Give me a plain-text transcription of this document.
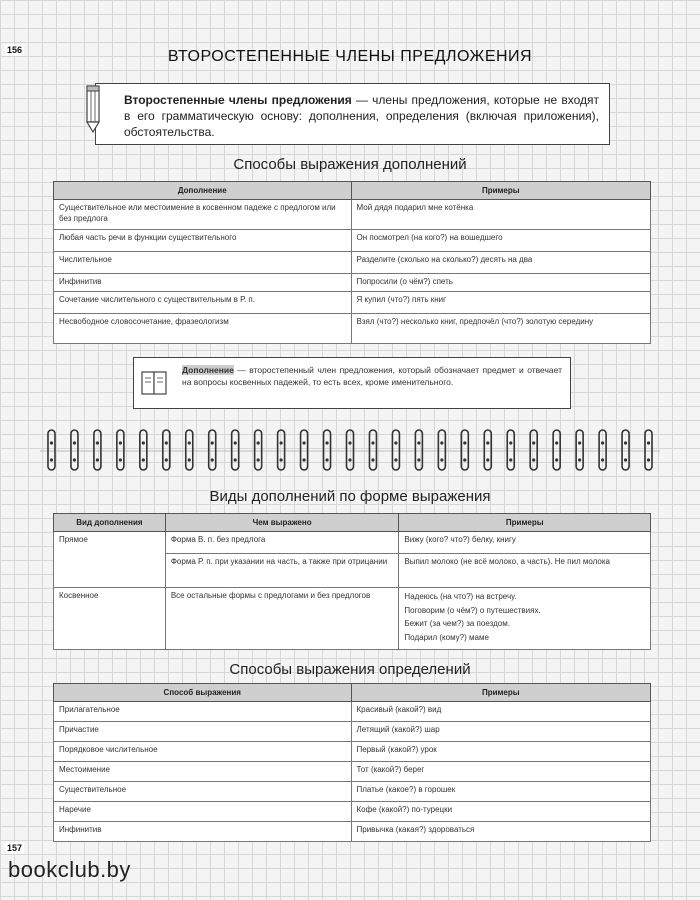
156
157
ВТОРОСТЕПЕННЫЕ ЧЛЕНЫ ПРЕДЛОЖЕНИЯ
Второстепенные члены предложения — члены предложения, которые не входят в его грамматическую основу: дополнения, определения (включая приложения), обстоятельства.
Способы выражения дополнений
Дополнение	Примеры
Существительное или местоимение в косвенном падеже с предлогом или без предлога	Мой дядя подарил мне котёнка
Любая часть речи в функции существительного	Он посмотрел (на кого?) на вошедшего
Числительное	Разделите (сколько на сколько?) десять на два
Инфинитив	Попросили (о чём?) спеть
Сочетание числительного с существительным в Р. п.	Я купил (что?) пять книг
Несвободное словосочетание, фразеологизм	Взял (что?) несколько книг, предпочёл (что?) золотую середину
Дополнение — второстепенный член предложения, который обозначает предмет и отвечает на вопросы косвенных падежей, то есть всех, кроме именительного.
Виды дополнений по форме выражения
Вид дополнения	Чем выражено	Примеры
Прямое	Форма В. п. без предлога	Вижу (кого? что?) белку, книгу
	Форма Р. п. при указании на часть, а также при отрицании	Выпил молоко (не всё молоко, а часть). Не пил молока
Косвенное	Все остальные формы с предлогами и без предлогов	Надеюсь (на что?) на встречу.
Поговорим (о чём?) о путешествиях.
Бежит (за чем?) за поездом.
Подарил (кому?) маме
Способы выражения определений
Способ выражения	Примеры
Прилагательное	Красивый (какой?) вид
Причастие	Летящий (какой?) шар
Порядковое числительное	Первый (какой?) урок
Местоимение	Тот (какой?) берег
Существительное	Платье (какое?) в горошек
Наречие	Кофе (какой?) по-турецки
Инфинитив	Привычка (какая?) здороваться
bookclub.by
